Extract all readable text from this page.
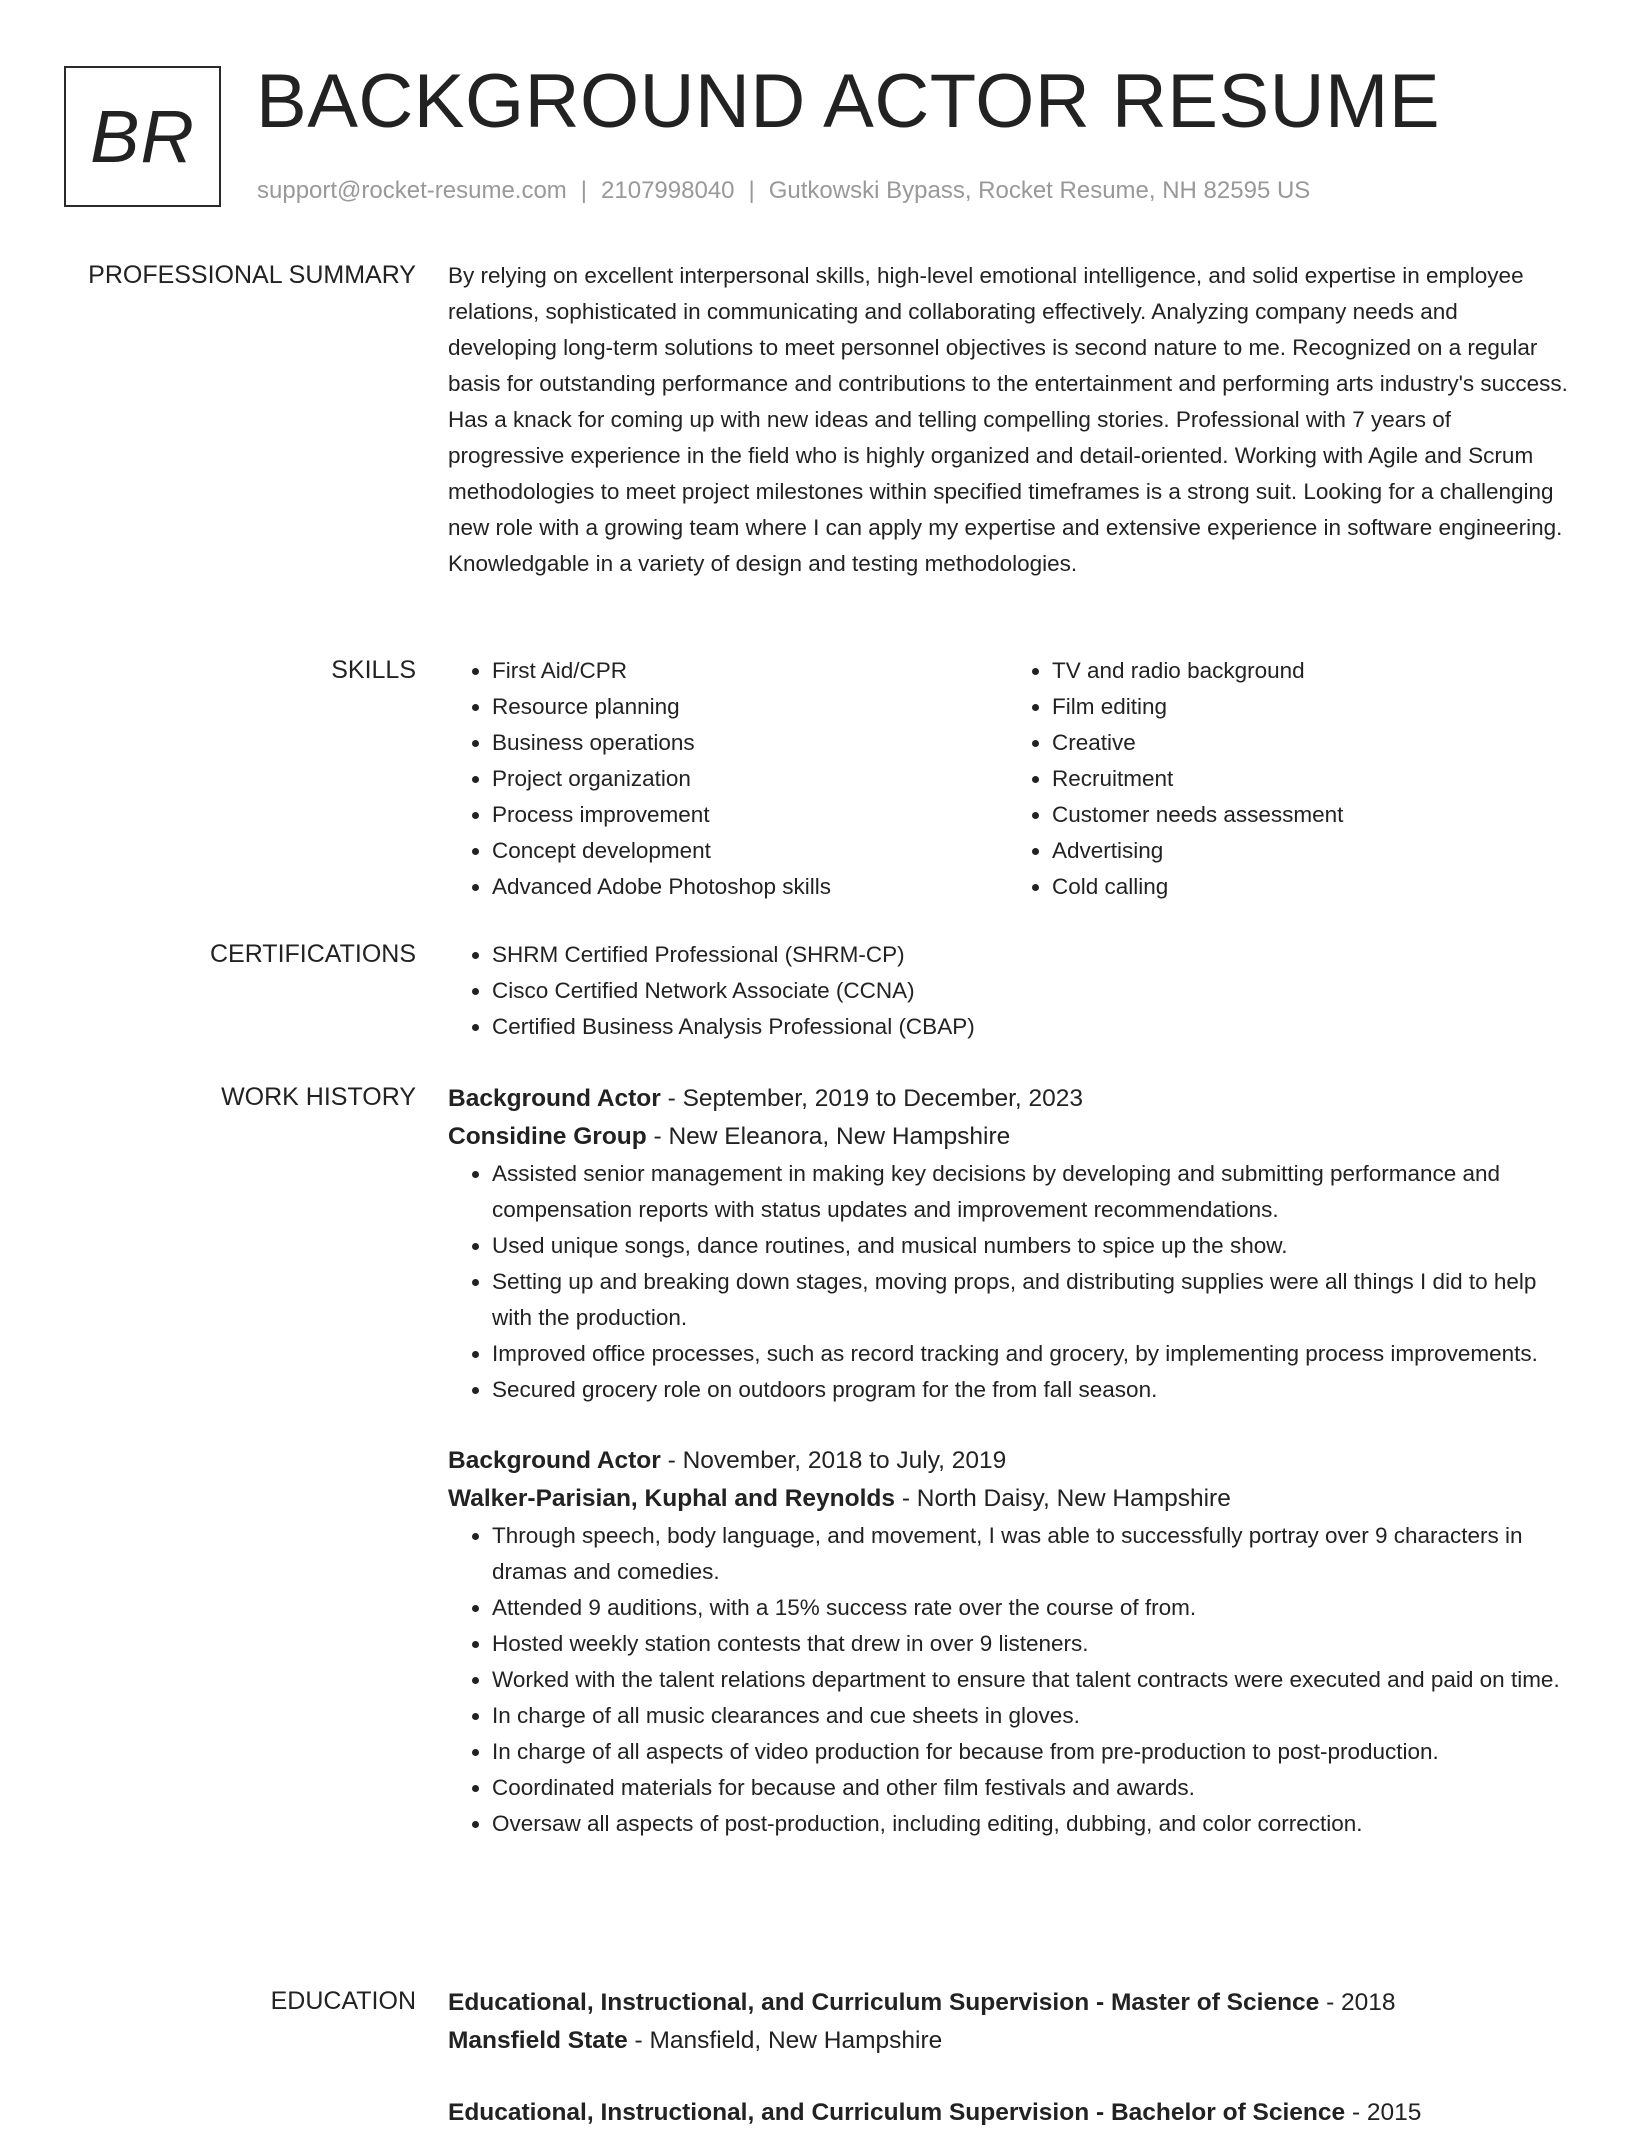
BR BACKGROUND ACTOR RESUME
support@rocket-resume.com | 2107998040 | Gutkowski Bypass, Rocket Resume, NH 82595 US
PROFESSIONAL SUMMARY By relying on excellent interpersonal skills, high-level emotional intelligence, and solid expertise in employee relations, sophisticated in communicating and collaborating effectively. Analyzing company needs and developing long-term solutions to meet personnel objectives is second nature to me. Recognized on a regular basis for outstanding performance and contributions to the entertainment and performing arts industry's success. Has a knack for coming up with new ideas and telling compelling stories. Professional with 7 years of progressive experience in the field who is highly organized and detail-oriented. Working with Agile and Scrum methodologies to meet project milestones within specified timeframes is a strong suit. Looking for a challenging new role with a growing team where I can apply my expertise and extensive experience in software engineering. Knowledgable in a variety of design and testing methodologies.

SKILLS	• First Aid/CPR
• Resource planning
• Business operations
• Project organization
• Process improvement
• Concept development
• Advanced Adobe Photoshop skills
• TV and radio background
• Film editing
• Creative
• Recruitment
• Customer needs assessment
• Advertising
• Cold calling
CERTIFICATIONS	• SHRM Certified Professional (SHRM-CP)
• Cisco Certified Network Associate (CCNA)
• Certified Business Analysis Professional (CBAP)
WORK HISTORY Background Actor - September, 2019 to December, 2023
Considine Group - New Eleanora, New Hampshire
• Assisted senior management in making key decisions by developing and submitting performance and compensation reports with status updates and improvement recommendations.
• Used unique songs, dance routines, and musical numbers to spice up the show.
• Setting up and breaking down stages, moving props, and distributing supplies were all things I did to help with the production.
• Improved office processes, such as record tracking and grocery, by implementing process improvements.
• Secured grocery role on outdoors program for the from fall season.
Background Actor - November, 2018 to July, 2019
Walker-Parisian, Kuphal and Reynolds - North Daisy, New Hampshire
• Through speech, body language, and movement, I was able to successfully portray over 9 characters in dramas and comedies.
• Attended 9 auditions, with a 15% success rate over the course of from.
• Hosted weekly station contests that drew in over 9 listeners.
• Worked with the talent relations department to ensure that talent contracts were executed and paid on time.
• In charge of all music clearances and cue sheets in gloves.
• In charge of all aspects of video production for because from pre-production to post-production.
• Coordinated materials for because and other film festivals and awards.
• Oversaw all aspects of post-production, including editing, dubbing, and color correction.
EDUCATION Educational, Instructional, and Curriculum Supervision - Master of Science - 2018
Mansfield State - Mansfield, New Hampshire
Educational, Instructional, and Curriculum Supervision - Bachelor of Science - 2015
